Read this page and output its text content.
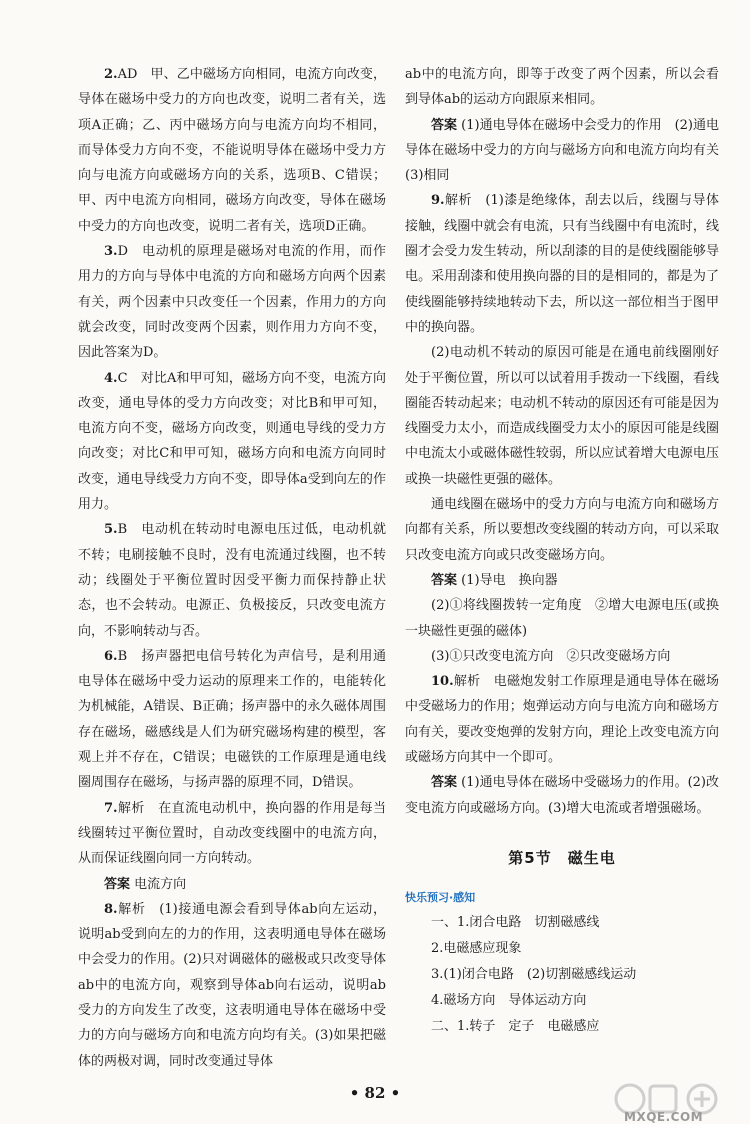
2.AD　甲、乙中磁场方向相同，电流方向改变，导体在磁场中受力的方向也改变，说明二者有关，选项A正确；乙、丙中磁场方向与电流方向均不相同，而导体受力方向不变，不能说明导体在磁场中受力方向与电流方向或磁场方向的关系，选项B、C错误；甲、丙中电流方向相同，磁场方向改变，导体在磁场中受力的方向也改变，说明二者有关，选项D正确。

3.D　电动机的原理是磁场对电流的作用，而作用力的方向与导体中电流的方向和磁场方向两个因素有关，两个因素中只改变任一个因素，作用力的方向就会改变，同时改变两个因素，则作用力方向不变，因此答案为D。

4.C　对比A和甲可知，磁场方向不变，电流方向改变，通电导体的受力方向改变；对比B和甲可知，电流方向不变，磁场方向改变，则通电导线的受力方向改变；对比C和甲可知，磁场方向和电流方向同时改变，通电导线受力方向不变，即导体a受到向左的作用力。

5.B　电动机在转动时电源电压过低，电动机就不转；电刷接触不良时，没有电流通过线圈，也不转动；线圈处于平衡位置时因受平衡力而保持静止状态，也不会转动。电源正、负极接反，只改变电流方向，不影响转动与否。

6.B　扬声器把电信号转化为声信号，是利用通电导体在磁场中受力运动的原理来工作的，电能转化为机械能，A错误、B正确；扬声器中的永久磁体周围存在磁场，磁感线是人们为研究磁场构建的模型，客观上并不存在，C错误；电磁铁的工作原理是通电线圈周围存在磁场，与扬声器的原理不同，D错误。

7.解析　在直流电动机中，换向器的作用是每当线圈转过平衡位置时，自动改变线圈中的电流方向，从而保证线圈向同一方向转动。

答案 电流方向

8.解析　(1)接通电源会看到导体ab向左运动，说明ab受到向左的力的作用，这表明通电导体在磁场中会受力的作用。(2)只对调磁体的磁极或只改变导体ab中的电流方向，观察到导体ab向右运动，说明ab受力的方向发生了改变，这表明通电导体在磁场中受力的方向与磁场方向和电流方向均有关。(3)如果把磁体的两极对调，同时改变通过导体

ab中的电流方向，即等于改变了两个因素，所以会看到导体ab的运动方向跟原来相同。

答案 (1)通电导体在磁场中会受力的作用　(2)通电导体在磁场中受力的方向与磁场方向和电流方向均有关　(3)相同

9.解析　(1)漆是绝缘体，刮去以后，线圈与导体接触，线圈中就会有电流，只有当线圈中有电流时，线圈才会受力发生转动，所以刮漆的目的是使线圈能够导电。采用刮漆和使用换向器的目的是相同的，都是为了使线圈能够持续地转动下去，所以这一部位相当于图甲中的换向器。

(2)电动机不转动的原因可能是在通电前线圈刚好处于平衡位置，所以可以试着用手拨动一下线圈，看线圈能否转动起来；电动机不转动的原因还有可能是因为线圈受力太小，而造成线圈受力太小的原因可能是线圈中电流太小或磁体磁性较弱，所以应试着增大电源电压或换一块磁性更强的磁体。

通电线圈在磁场中的受力方向与电流方向和磁场方向都有关系，所以要想改变线圈的转动方向，可以采取只改变电流方向或只改变磁场方向。

答案 (1)导电　换向器

(2)①将线圈拨转一定角度　②增大电源电压(或换一块磁性更强的磁体)

(3)①只改变电流方向　②只改变磁场方向

10.解析　电磁炮发射工作原理是通电导体在磁场中受磁场力的作用；炮弹运动方向与电流方向和磁场方向有关，要改变炮弹的发射方向，理论上改变电流方向或磁场方向其中一个即可。

答案 (1)通电导体在磁场中受磁场力的作用。(2)改变电流方向或磁场方向。(3)增大电流或者增强磁场。

第5节 磁生电
快乐预习·感知

一、1.闭合电路　切割磁感线

2.电磁感应现象

3.(1)闭合电路　(2)切割磁感线运动

4.磁场方向　导体运动方向

二、1.转子　定子　电磁感应

• 82 •
MXQE.COM
